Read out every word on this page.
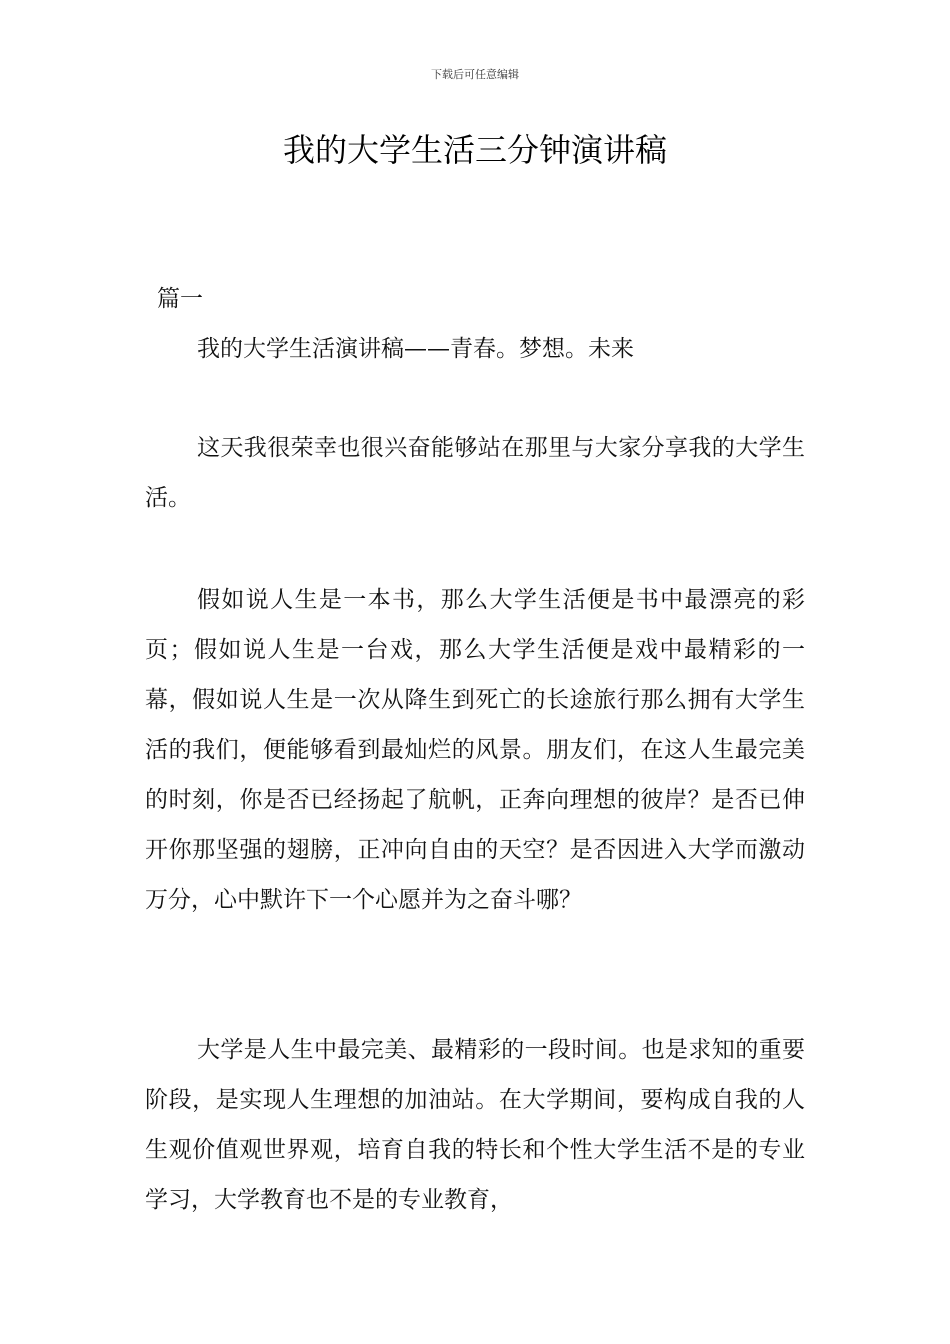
下载后可任意编辑
我的大学生活三分钟演讲稿
篇一
我的大学生活演讲稿——青春。梦想。未来

这天我很荣幸也很兴奋能够站在那里与大家分享我的大学生活。

假如说人生是一本书，那么大学生活便是书中最漂亮的彩页；假如说人生是一台戏，那么大学生活便是戏中最精彩的一幕，假如说人生是一次从降生到死亡的长途旅行那么拥有大学生活的我们，便能够看到最灿烂的风景。朋友们，在这人生最完美的时刻，你是否已经扬起了航帆，正奔向理想的彼岸？是否已伸开你那坚强的翅膀，正冲向自由的天空？是否因进入大学而激动万分，心中默许下一个心愿并为之奋斗哪？

大学是人生中最完美、最精彩的一段时间。也是求知的重要阶段，是实现人生理想的加油站。在大学期间，要构成自我的人生观价值观世界观，培育自我的特长和个性大学生活不是的专业学习，大学教育也不是的专业教育，
